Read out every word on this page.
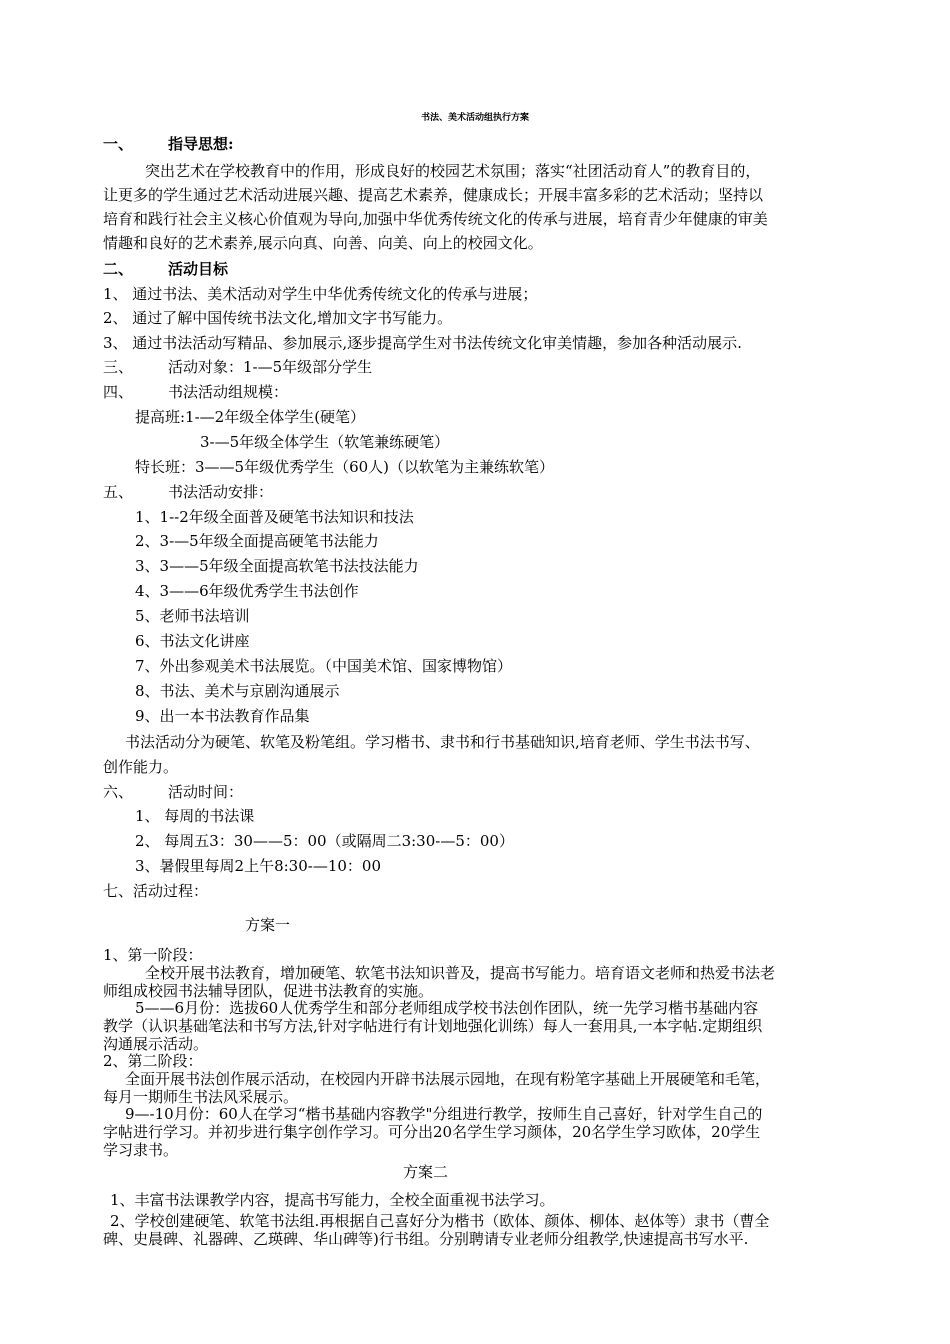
书法、美术活动组执行方案
一、 指导思想:
突出艺术在学校教育中的作用，形成良好的校园艺术氛围；落实“社团活动育人”的教育目的，
让更多的学生通过艺术活动进展兴趣、提高艺术素养，健康成长；开展丰富多彩的艺术活动；坚持以
培育和践行社会主义核心价值观为导向,加强中华优秀传统文化的传承与进展，培育青少年健康的审美
情趣和良好的艺术素养,展示向真、向善、向美、向上的校园文化。
二、 活动目标
1、 通过书法、美术活动对学生中华优秀传统文化的传承与进展；
2、 通过了解中国传统书法文化,增加文字书写能力。
3、 通过书法活动写精品、参加展示,逐步提高学生对书法传统文化审美情趣，参加各种活动展示.
三、 活动对象：1-—5年级部分学生
四、 书法活动组规模：
提高班:1-—2年级全体学生(硬笔）
3-—5年级全体学生（软笔兼练硬笔）
特长班：3——5年级优秀学生（60人)（以软笔为主兼练软笔）
五、 书法活动安排：
1、1--2年级全面普及硬笔书法知识和技法
2、3-—5年级全面提高硬笔书法能力
3、3——5年级全面提高软笔书法技法能力
4、3——6年级优秀学生书法创作
5、老师书法培训
6、书法文化讲座
7、外出参观美术书法展览。（中国美术馆、国家博物馆）
8、书法、美术与京剧沟通展示
9、出一本书法教育作品集
书法活动分为硬笔、软笔及粉笔组。学习楷书、隶书和行书基础知识,培育老师、学生书法书写、
创作能力。
六、 活动时间：
1、 每周的书法课
2、 每周五3：30——5：00（或隔周二3:30-—5：00）
3、暑假里每周2上午8:30-—10：00
七、活动过程：
方案一
1、第一阶段：
全校开展书法教育，增加硬笔、软笔书法知识普及，提高书写能力。培育语文老师和热爱书法老
师组成校园书法辅导团队，促进书法教育的实施。
5——6月份：选拔60人优秀学生和部分老师组成学校书法创作团队，统一先学习楷书基础内容
教学（认识基础笔法和书写方法,针对字帖进行有计划地强化训练）每人一套用具,一本字帖.定期组织
沟通展示活动。
2、第二阶段：
全面开展书法创作展示活动，在校园内开辟书法展示园地，在现有粉笔字基础上开展硬笔和毛笔，
每月一期师生书法风采展示。
9—-10月份：60人在学习“楷书基础内容教学"分组进行教学，按师生自己喜好，针对学生自己的
字帖进行学习。并初步进行集字创作学习。可分出20名学生学习颜体，20名学生学习欧体，20学生
学习隶书。
方案二
1、丰富书法课教学内容，提高书写能力，全校全面重视书法学习。
2、学校创建硬笔、软笔书法组.再根据自己喜好分为楷书（欧体、颜体、柳体、赵体等）隶书（曹全
碑、史晨碑、礼器碑、乙瑛碑、华山碑等)行书组。分别聘请专业老师分组教学,快速提高书写水平.
